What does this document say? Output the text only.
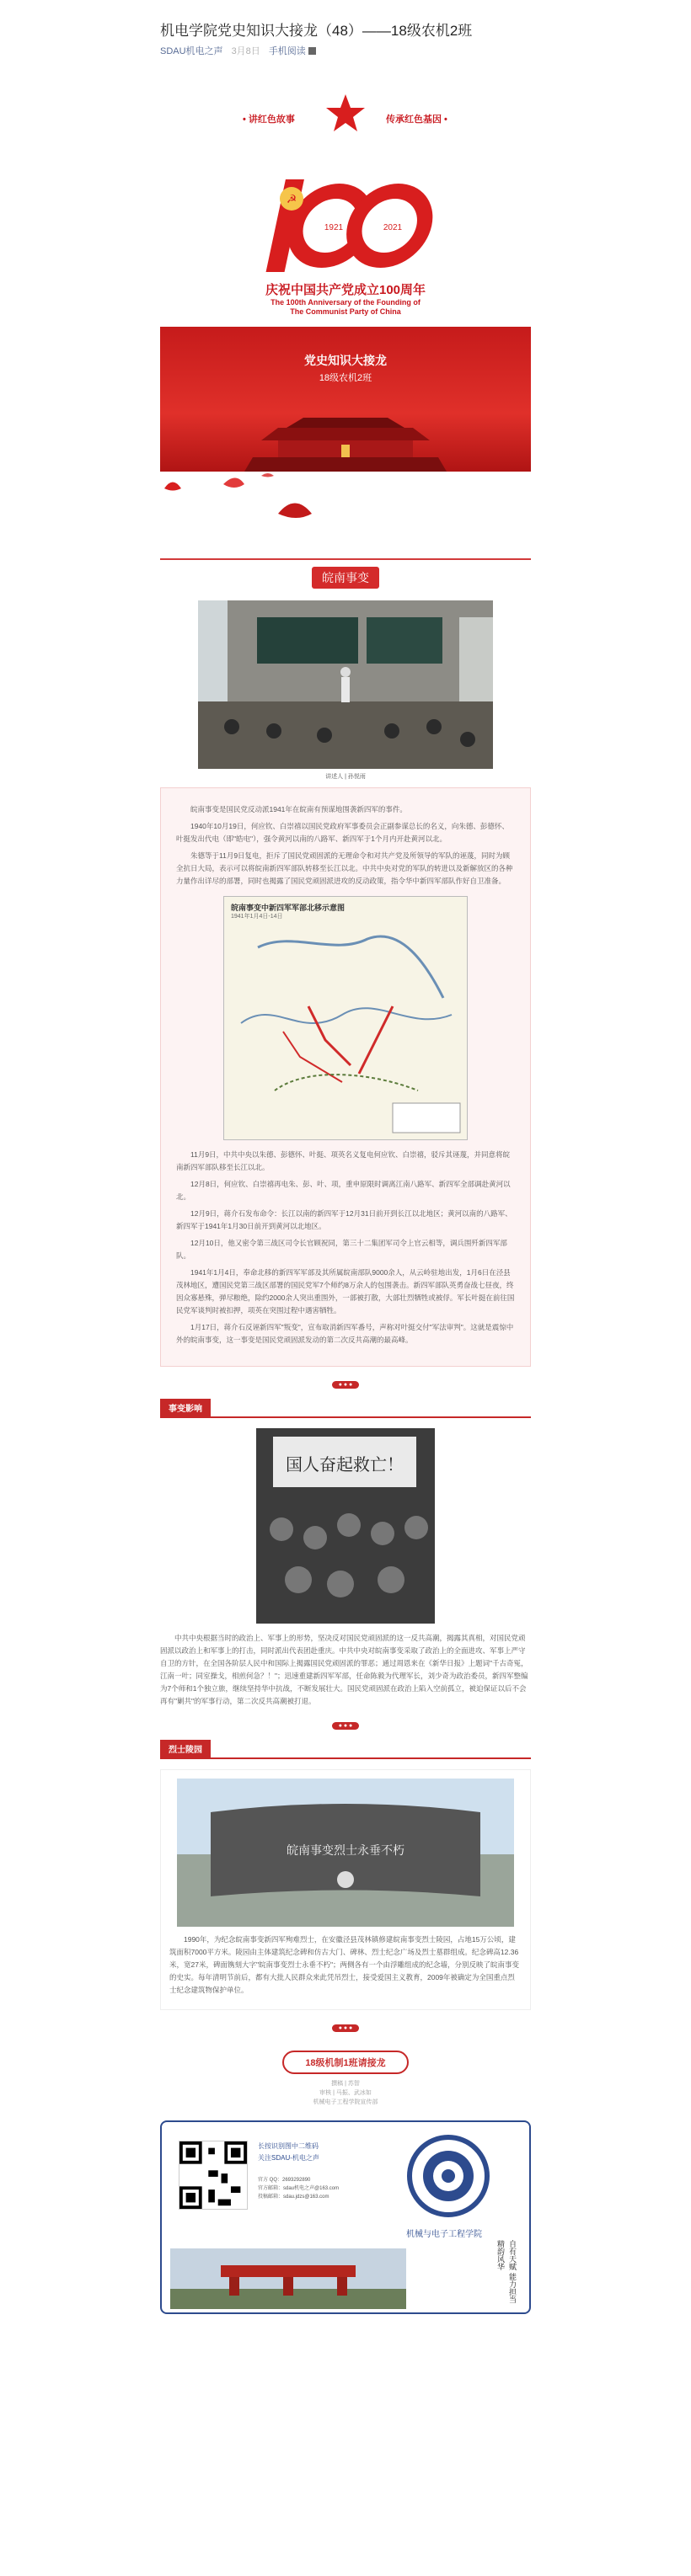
机电学院党史知识大接龙（48）——18级农机2班
SDAU机电之声 3月8日 手机阅读
• 讲红色故事	传承红色基因 •
☭
1921	2021
庆祝中国共产党成立100周年
The 100th Anniversary of the Founding of
The Communist Party of China
党史知识大接龙
18级农机2班
皖南事变
讲述人 | 孙悦雨

皖南事变是国民党反动派1941年在皖南有预谋地围袭新四军的事件。

1940年10月19日，何应钦、白崇禧以国民党政府军事委员会正副参谋总长的名义，向朱德、彭德怀、叶挺发出代电（即"皓电"），强令黄河以南的八路军、新四军于1个月内开赴黄河以北。

朱德等于11月9日复电，拒斥了国民党顽固派的无理命令和对共产党及所领导的军队的诬蔑，同时为顾全抗日大局，表示可以将皖南新四军部队转移至长江以北。中共中央对党的军队的转进以及新解放区的各种力量作出详尽的部署，同时也揭露了国民党顽固派进攻的反动政策，指令华中新四军部队作好自卫准备。

皖南事变中新四军军部北移示意图
1941年1月4日-14日

11月9日，中共中央以朱德、彭德怀、叶挺、项英名义复电何应钦、白崇禧，驳斥其诬蔑，并同意将皖南新四军部队移至长江以北。

12月8日，何应钦、白崇禧再电朱、彭、叶、项，重申原限时调离江南八路军、新四军全部调赴黄河以北。

12月9日，蒋介石发布命令：长江以南的新四军于12月31日前开到长江以北地区；黄河以南的八路军、新四军于1941年1月30日前开到黄河以北地区。

12月10日，他又密令第三战区司令长官顾祝同，第三十二集团军司令上官云相等，调兵围歼新四军部队。

1941年1月4日，奉命北移的新四军军部及其所属皖南部队9000余人，从云岭驻地出发，1月6日在泾县茂林地区，遭国民党第三战区部署的国民党军7个师约8万余人的包围袭击。新四军部队英勇奋战七昼夜，终因众寡悬殊，弹尽粮绝，除约2000余人突出重围外，一部被打散，大部壮烈牺牲或被俘。军长叶挺在前往国民党军谈判时被扣押，项英在突围过程中遇害牺牲。

1月17日，蒋介石反诬新四军"叛变"，宣布取消新四军番号，声称对叶挺交付"军法审判"。这就是震惊中外的皖南事变，这一事变是国民党顽固派发动的第二次反共高潮的最高峰。

● ● ●
事变影响
国人奋起救亡！

中共中央根据当时的政治上、军事上的形势，坚决反对国民党顽固派的这一反共高潮，揭露其真相，对国民党顽固派以政治上和军事上的打击，同时派出代表团赴重庆。中共中央对皖南事变采取了政治上的全面进攻、军事上严守自卫的方针，在全国各阶层人民中和国际上揭露国民党顽固派的罪恶；通过周恩来在《新华日报》上题词"千古奇冤，江南一叶；同室操戈，相煎何急？！"；迅速重建新四军军部，任命陈毅为代理军长，刘少奇为政治委员，新四军整编为7个师和1个独立旅，继续坚持华中抗战，不断发展壮大。国民党顽固派在政治上陷入空前孤立，被迫保证以后不会再有"剿共"的军事行动，第二次反共高潮被打退。

● ● ●
烈士陵园
皖南事变烈士永垂不朽

1990年，为纪念皖南事变新四军殉难烈士，在安徽泾县茂林镇修建皖南事变烈士陵园，占地15万公顷，建筑面积7000平方米。陵园由主体建筑纪念碑和仿古大门、碑林、烈士纪念广场及烈士墓群组成。纪念碑高12.36米，宽27米，碑面镌刻大字"皖南事变烈士永垂不朽"；两侧各有一个由浮雕组成的纪念墙，分别反映了皖南事变的史实。每年清明节前后，都有大批人民群众来此凭吊烈士，接受爱国主义教育，2009年被确定为全国重点烈士纪念建筑物保护单位。

● ● ●
18级机制1班请接龙
撰稿 | 苏智
审核 | 马振、武冰如
机械电子工程学院宣传部
长按识别图中二维码
关注SDAU-机电之声
官方 QQ：2693292890
官方邮箱：sdau机电之声@163.com
投稿邮箱：sdau.jdzs@163.com
机械与电子工程学院
自有天赋 能力担当 精韵风华
